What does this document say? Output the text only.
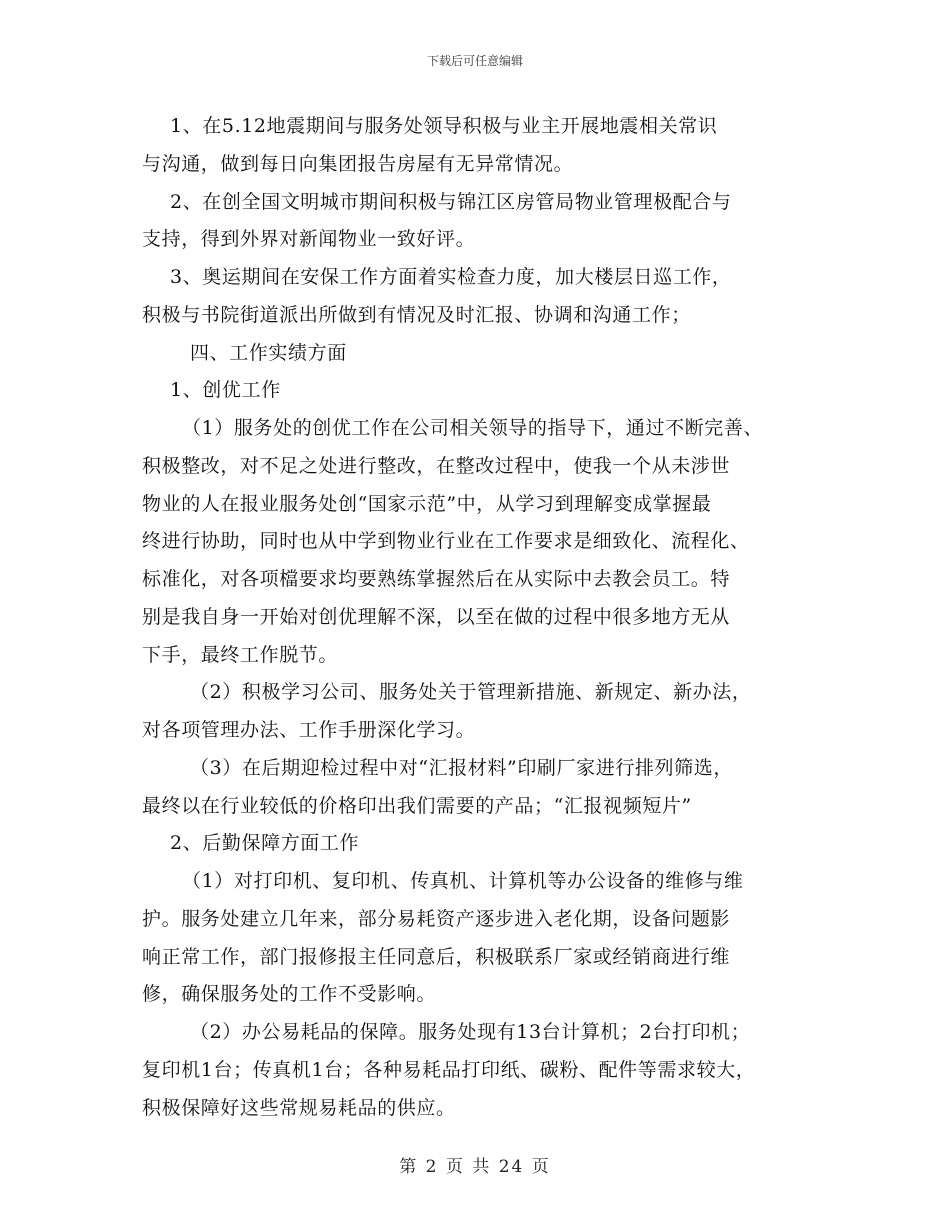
下载后可任意编辑
1、在5.12地震期间与服务处领导积极与业主开展地震相关常识
与沟通，做到每日向集团报告房屋有无异常情况。
2、在创全国文明城市期间积极与锦江区房管局物业管理极配合与
支持，得到外界对新闻物业一致好评。
3、奥运期间在安保工作方面着实检查力度，加大楼层日巡工作，
积极与书院街道派出所做到有情况及时汇报、协调和沟通工作；
四、工作实绩方面
1、创优工作
（1）服务处的创优工作在公司相关领导的指导下，通过不断完善、
积极整改，对不足之处进行整改，在整改过程中，使我一个从未涉世
物业的人在报业服务处创“国家示范”中，从学习到理解变成掌握最
终进行协助，同时也从中学到物业行业在工作要求是细致化、流程化、
标准化，对各项檔要求均要熟练掌握然后在从实际中去教会员工。特
别是我自身一开始对创优理解不深，以至在做的过程中很多地方无从
下手，最终工作脱节。
（2）积极学习公司、服务处关于管理新措施、新规定、新办法，
对各项管理办法、工作手册深化学习。
（3）在后期迎检过程中对“汇报材料”印刷厂家进行排列筛选，
最终以在行业较低的价格印出我们需要的产品；“汇报视频短片”
2、后勤保障方面工作
（1）对打印机、复印机、传真机、计算机等办公设备的维修与维
护。服务处建立几年来，部分易耗资产逐步进入老化期，设备问题影
响正常工作，部门报修报主任同意后，积极联系厂家或经销商进行维
修，确保服务处的工作不受影响。
（2）办公易耗品的保障。服务处现有13台计算机；2台打印机；
复印机1台；传真机1台；各种易耗品打印纸、碳粉、配件等需求较大，
积极保障好这些常规易耗品的供应。
第 2 页 共 24 页
